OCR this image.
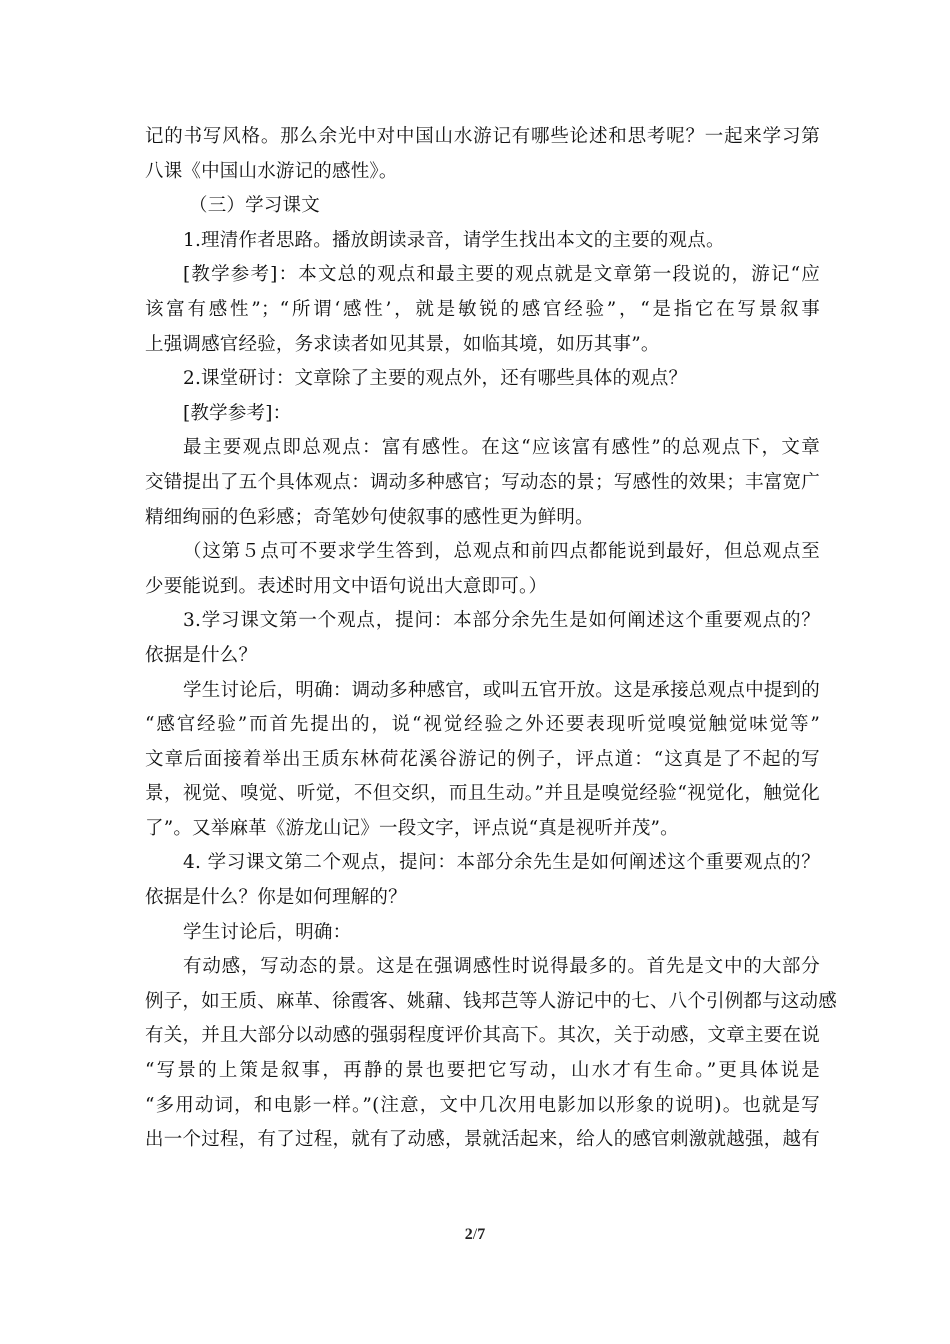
记的书写风格。那么余光中对中国山水游记有哪些论述和思考呢？一起来学习第
八课《中国山水游记的感性》。
（三）学习课文
1.理清作者思路。播放朗读录音，请学生找出本文的主要的观点。
[教学参考]：本文总的观点和最主要的观点就是文章第一段说的，游记“应
该富有感性”；“所谓‘感性’，就是敏锐的感官经验”，“是指它在写景叙事
上强调感官经验，务求读者如见其景，如临其境，如历其事”。
2.课堂研讨：文章除了主要的观点外，还有哪些具体的观点？
[教学参考]：
最主要观点即总观点：富有感性。在这“应该富有感性”的总观点下，文章
交错提出了五个具体观点：调动多种感官；写动态的景；写感性的效果；丰富宽广
精细绚丽的色彩感；奇笔妙句使叙事的感性更为鲜明。
（这第５点可不要求学生答到，总观点和前四点都能说到最好，但总观点至
少要能说到。表述时用文中语句说出大意即可。）
3.学习课文第一个观点，提问：本部分余先生是如何阐述这个重要观点的？
依据是什么？
学生讨论后，明确：调动多种感官，或叫五官开放。这是承接总观点中提到的
“感官经验”而首先提出的，说“视觉经验之外还要表现听觉嗅觉触觉味觉等”
文章后面接着举出王质东林荷花溪谷游记的例子，评点道：“这真是了不起的写
景，视觉、嗅觉、听觉，不但交织，而且生动。”并且是嗅觉经验“视觉化，触觉化
了”。又举麻革《游龙山记》一段文字，评点说“真是视听并茂”。
4. 学习课文第二个观点，提问：本部分余先生是如何阐述这个重要观点的？
依据是什么？你是如何理解的？
学生讨论后，明确：
有动感，写动态的景。这是在强调感性时说得最多的。首先是文中的大部分
例子，如王质、麻革、徐霞客、姚鼐、钱邦芑等人游记中的七、八个引例都与这动感
有关，并且大部分以动感的强弱程度评价其高下。其次，关于动感，文章主要在说
“写景的上策是叙事，再静的景也要把它写动，山水才有生命。”更具体说是
“多用动词，和电影一样。”(注意，文中几次用电影加以形象的说明)。也就是写
出一个过程，有了过程，就有了动感，景就活起来，给人的感官刺激就越强，越有
2/7
